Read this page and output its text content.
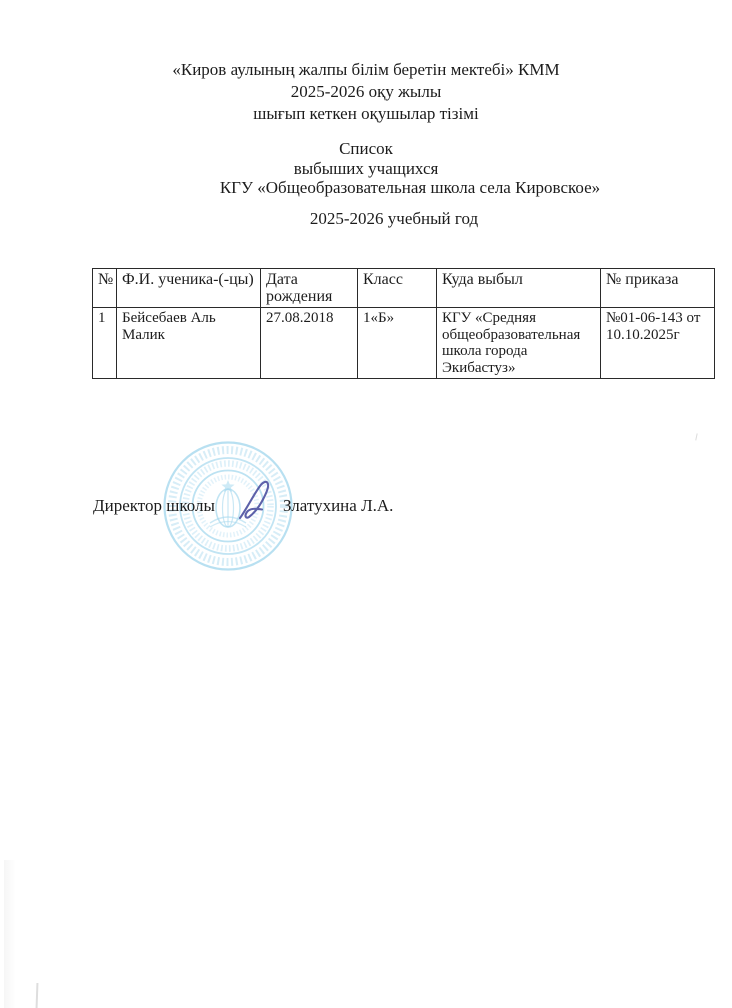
«Киров аулының жалпы білім беретін мектебі» КММ
2025-2026 оқу жылы
шығып кеткен оқушылар тізімі
Список
выбыших учащихся
КГУ «Общеобразовательная школа села Кировское»
2025-2026 учебный год
№	Ф.И. ученика-(-цы)	Дата рождения	Класс	Куда выбыл	№ приказа
1	Бейсебаев Аль Малик	27.08.2018	1«Б»	КГУ «Средняя общеобразовательная школа города Экибастуз»	№01-06-143 от 10.10.2025г
Директор школы	Златухина Л.А.
